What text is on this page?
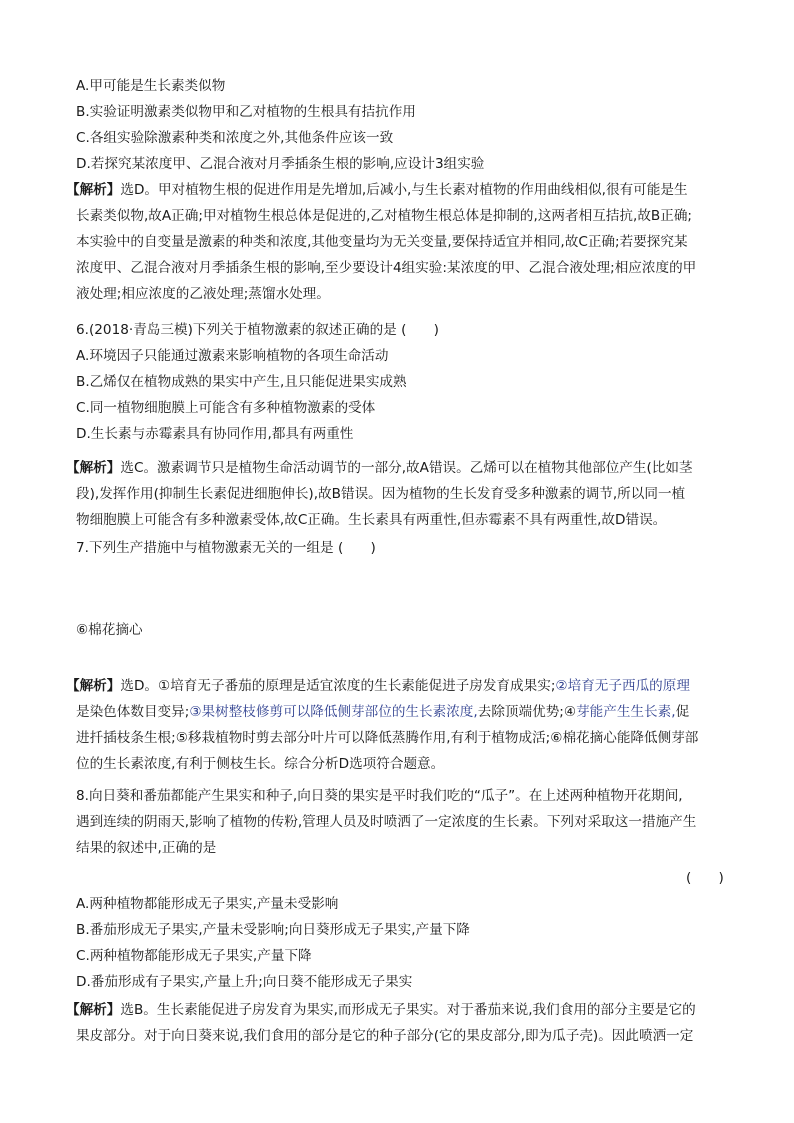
A.甲可能是生长素类似物
B.实验证明激素类似物甲和乙对植物的生根具有拮抗作用
C.各组实验除激素种类和浓度之外,其他条件应该一致
D.若探究某浓度甲、乙混合液对月季插条生根的影响,应设计3组实验
【解析】选D。甲对植物生根的促进作用是先增加,后减小,与生长素对植物的作用曲线相似,很有可能是生
长素类似物,故A正确;甲对植物生根总体是促进的,乙对植物生根总体是抑制的,这两者相互拮抗,故B正确;
本实验中的自变量是激素的种类和浓度,其他变量均为无关变量,要保持适宜并相同,故C正确;若要探究某
浓度甲、乙混合液对月季插条生根的影响,至少要设计4组实验:某浓度的甲、乙混合液处理;相应浓度的甲
液处理;相应浓度的乙液处理;蒸馏水处理。
6.(2018·青岛三模)下列关于植物激素的叙述正确的是 (　　)
A.环境因子只能通过激素来影响植物的各项生命活动
B.乙烯仅在植物成熟的果实中产生,且只能促进果实成熟
C.同一植物细胞膜上可能含有多种植物激素的受体
D.生长素与赤霉素具有协同作用,都具有两重性
【解析】选C。激素调节只是植物生命活动调节的一部分,故A错误。乙烯可以在植物其他部位产生(比如茎
段),发挥作用(抑制生长素促进细胞伸长),故B错误。因为植物的生长发育受多种激素的调节,所以同一植
物细胞膜上可能含有多种激素受体,故C正确。生长素具有两重性,但赤霉素不具有两重性,故D错误。
7.下列生产措施中与植物激素无关的一组是 (　　)
⑥棉花摘心
【解析】选D。①培育无子番茄的原理是适宜浓度的生长素能促进子房发育成果实;②培育无子西瓜的原理
是染色体数目变异;③果树整枝修剪可以降低侧芽部位的生长素浓度,去除顶端优势;④芽能产生生长素,促
进扦插枝条生根;⑤移栽植物时剪去部分叶片可以降低蒸腾作用,有利于植物成活;⑥棉花摘心能降低侧芽部
位的生长素浓度,有利于侧枝生长。综合分析D选项符合题意。
8.向日葵和番茄都能产生果实和种子,向日葵的果实是平时我们吃的“瓜子”。在上述两种植物开花期间,
遇到连续的阴雨天,影响了植物的传粉,管理人员及时喷洒了一定浓度的生长素。下列对采取这一措施产生
结果的叙述中,正确的是
(　　)
A.两种植物都能形成无子果实,产量未受影响
B.番茄形成无子果实,产量未受影响;向日葵形成无子果实,产量下降
C.两种植物都能形成无子果实,产量下降
D.番茄形成有子果实,产量上升;向日葵不能形成无子果实
【解析】选B。生长素能促进子房发育为果实,而形成无子果实。对于番茄来说,我们食用的部分主要是它的
果皮部分。对于向日葵来说,我们食用的部分是它的种子部分(它的果皮部分,即为瓜子壳)。因此喷洒一定
